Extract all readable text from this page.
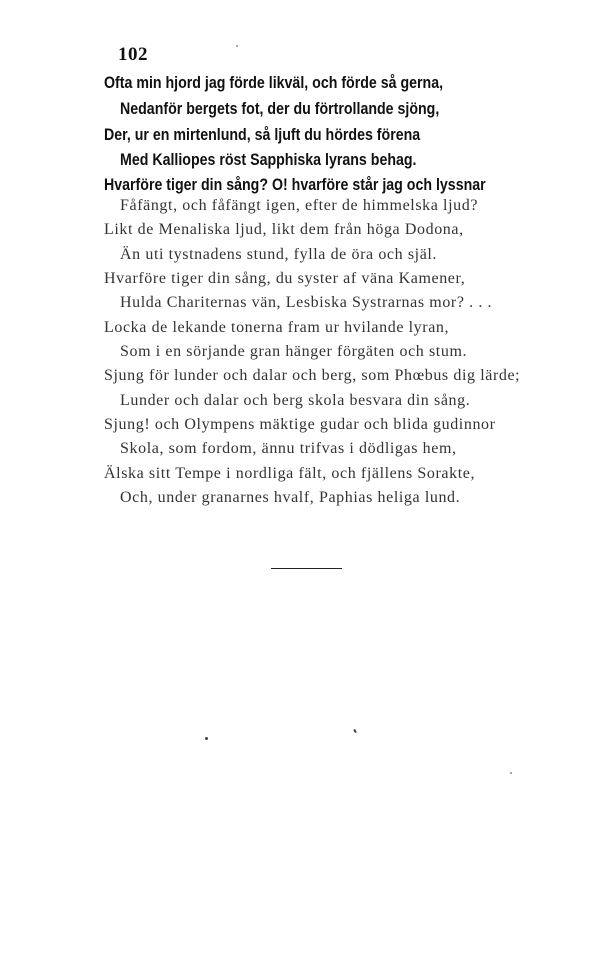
102
Ofta min hjord jag förde likväl, och förde så gerna,
Nedanför bergets fot, der du förtrollande sjöng,
Der, ur en mirtenlund, så ljuft du hördes förena
Med Kalliopes röst Sapphiska lyrans behag.
Hvarföre tiger din sång? O! hvarföre står jag och lyssnar
Fåfängt, och fåfängt igen, efter de himmelska ljud?
Likt de Menaliska ljud, likt dem från höga Dodona,
Än uti tystnadens stund, fylla de öra och själ.
Hvarföre tiger din sång, du syster af väna Kamener,
Hulda Chariternas vän, Lesbiska Systrarnas mor? . . .
Locka de lekande tonerna fram ur hvilande lyran,
Som i en sörjande gran hänger förgäten och stum.
Sjung för lunder och dalar och berg, som Phœbus dig lärde;
Lunder och dalar och berg skola besvara din sång.
Sjung! och Olympens mäktige gudar och blida gudinnor
Skola, som fordom, ännu trifvas i dödligas hem,
Älska sitt Tempe i nordliga fält, och fjällens Sorakte,
Och, under granarnes hvalf, Paphias heliga lund.
